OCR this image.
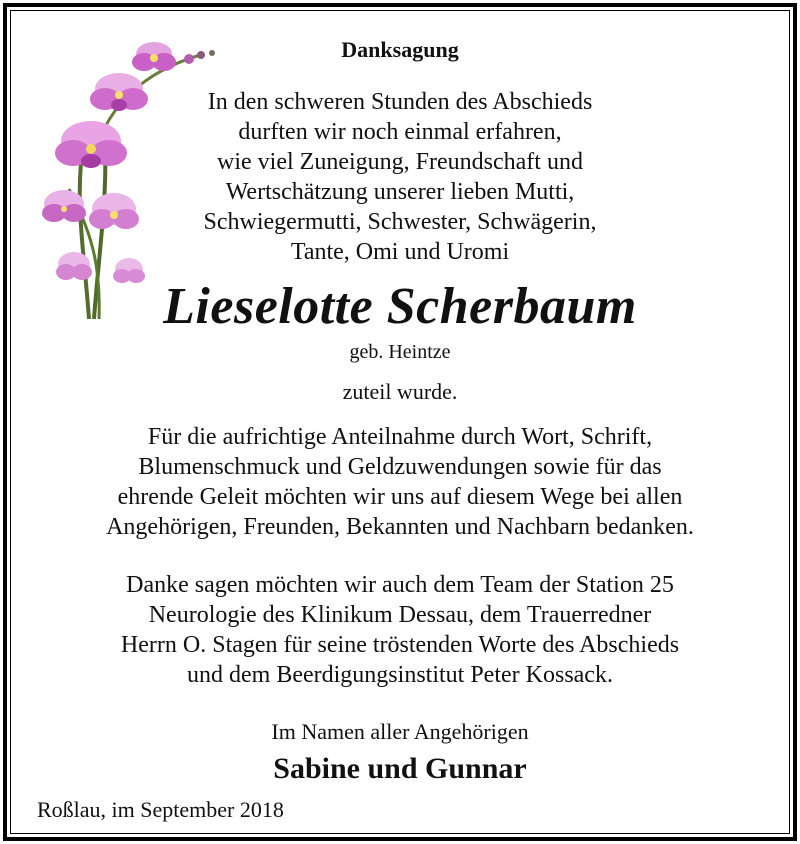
Danksagung
In den schweren Stunden des Abschieds
durften wir noch einmal erfahren,
wie viel Zuneigung, Freundschaft und
Wertschätzung unserer lieben Mutti,
Schwiegermutti, Schwester, Schwägerin,
Tante, Omi und Uromi
Lieselotte Scherbaum
geb. Heintze
zuteil wurde.
Für die aufrichtige Anteilnahme durch Wort, Schrift,
Blumenschmuck und Geldzuwendungen sowie für das
ehrende Geleit möchten wir uns auf diesem Wege bei allen
Angehörigen, Freunden, Bekannten und Nachbarn bedanken.
Danke sagen möchten wir auch dem Team der Station 25
Neurologie des Klinikum Dessau, dem Trauerredner
Herrn O. Stagen für seine tröstenden Worte des Abschieds
und dem Beerdigungsinstitut Peter Kossack.
Im Namen aller Angehörigen
Sabine und Gunnar
Roßlau, im September 2018
